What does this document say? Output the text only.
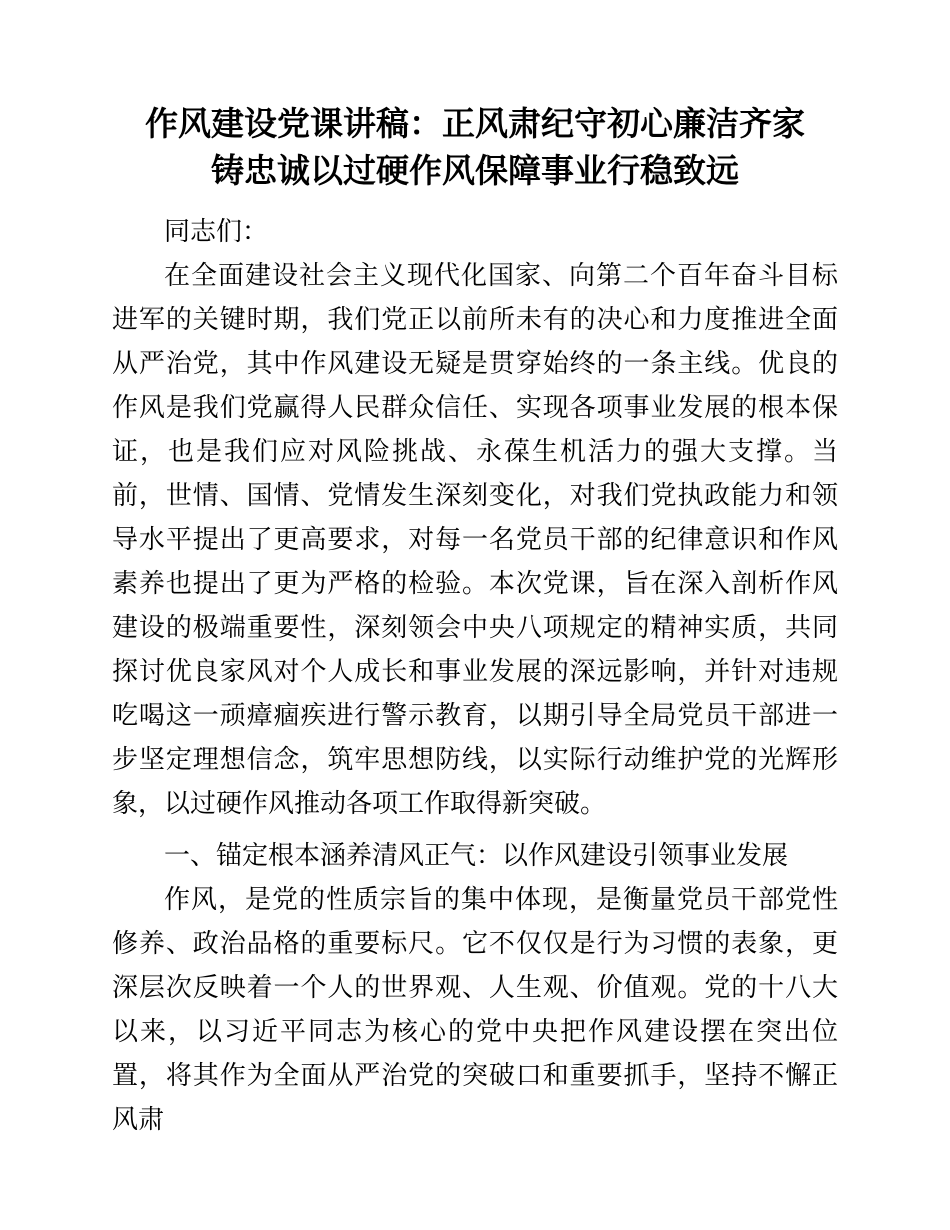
作风建设党课讲稿：正风肃纪守初心廉洁齐家
铸忠诚以过硬作风保障事业行稳致远

同志们：

在全面建设社会主义现代化国家、向第二个百年奋斗目标进军的关键时期，我们党正以前所未有的决心和力度推进全面从严治党，其中作风建设无疑是贯穿始终的一条主线。优良的作风是我们党赢得人民群众信任、实现各项事业发展的根本保证，也是我们应对风险挑战、永葆生机活力的强大支撑。当前，世情、国情、党情发生深刻变化，对我们党执政能力和领导水平提出了更高要求，对每一名党员干部的纪律意识和作风素养也提出了更为严格的检验。本次党课，旨在深入剖析作风建设的极端重要性，深刻领会中央八项规定的精神实质，共同探讨优良家风对个人成长和事业发展的深远影响，并针对违规吃喝这一顽瘴痼疾进行警示教育，以期引导全局党员干部进一步坚定理想信念，筑牢思想防线，以实际行动维护党的光辉形象，以过硬作风推动各项工作取得新突破。

一、锚定根本涵养清风正气：以作风建设引领事业发展

作风，是党的性质宗旨的集中体现，是衡量党员干部党性修养、政治品格的重要标尺。它不仅仅是行为习惯的表象，更深层次反映着一个人的世界观、人生观、价值观。党的十八大以来，以习近平同志为核心的党中央把作风建设摆在突出位置，将其作为全面从严治党的突破口和重要抓手，坚持不懈正风肃
